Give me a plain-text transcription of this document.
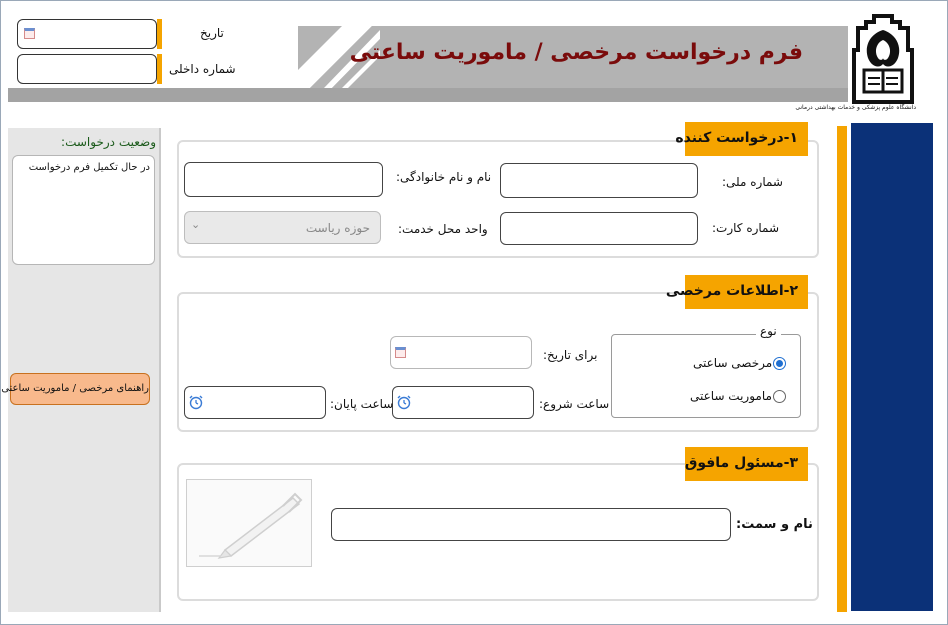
فرم درخواست مرخصی / ماموریت ساعتی
دانشگاه علوم پزشکی و خدمات بهداشتی درمانی
تاریخ
شماره داخلی
وضعیت درخواست:
در حال تکمیل فرم درخواست
راهنمای مرخصی / ماموریت ساعتی
۱-درخواست کننده
شماره ملی:
نام و نام خانوادگی:
شماره کارت:
واحد محل خدمت:
حوزه ریاست
⌄
۲-اطلاعات مرخصی
نوع
مرخصی ساعتی
ماموریت ساعتی
برای تاریخ:
ساعت شروع:
ساعت پایان:
۳-مسئول مافوق
نام و سمت:
